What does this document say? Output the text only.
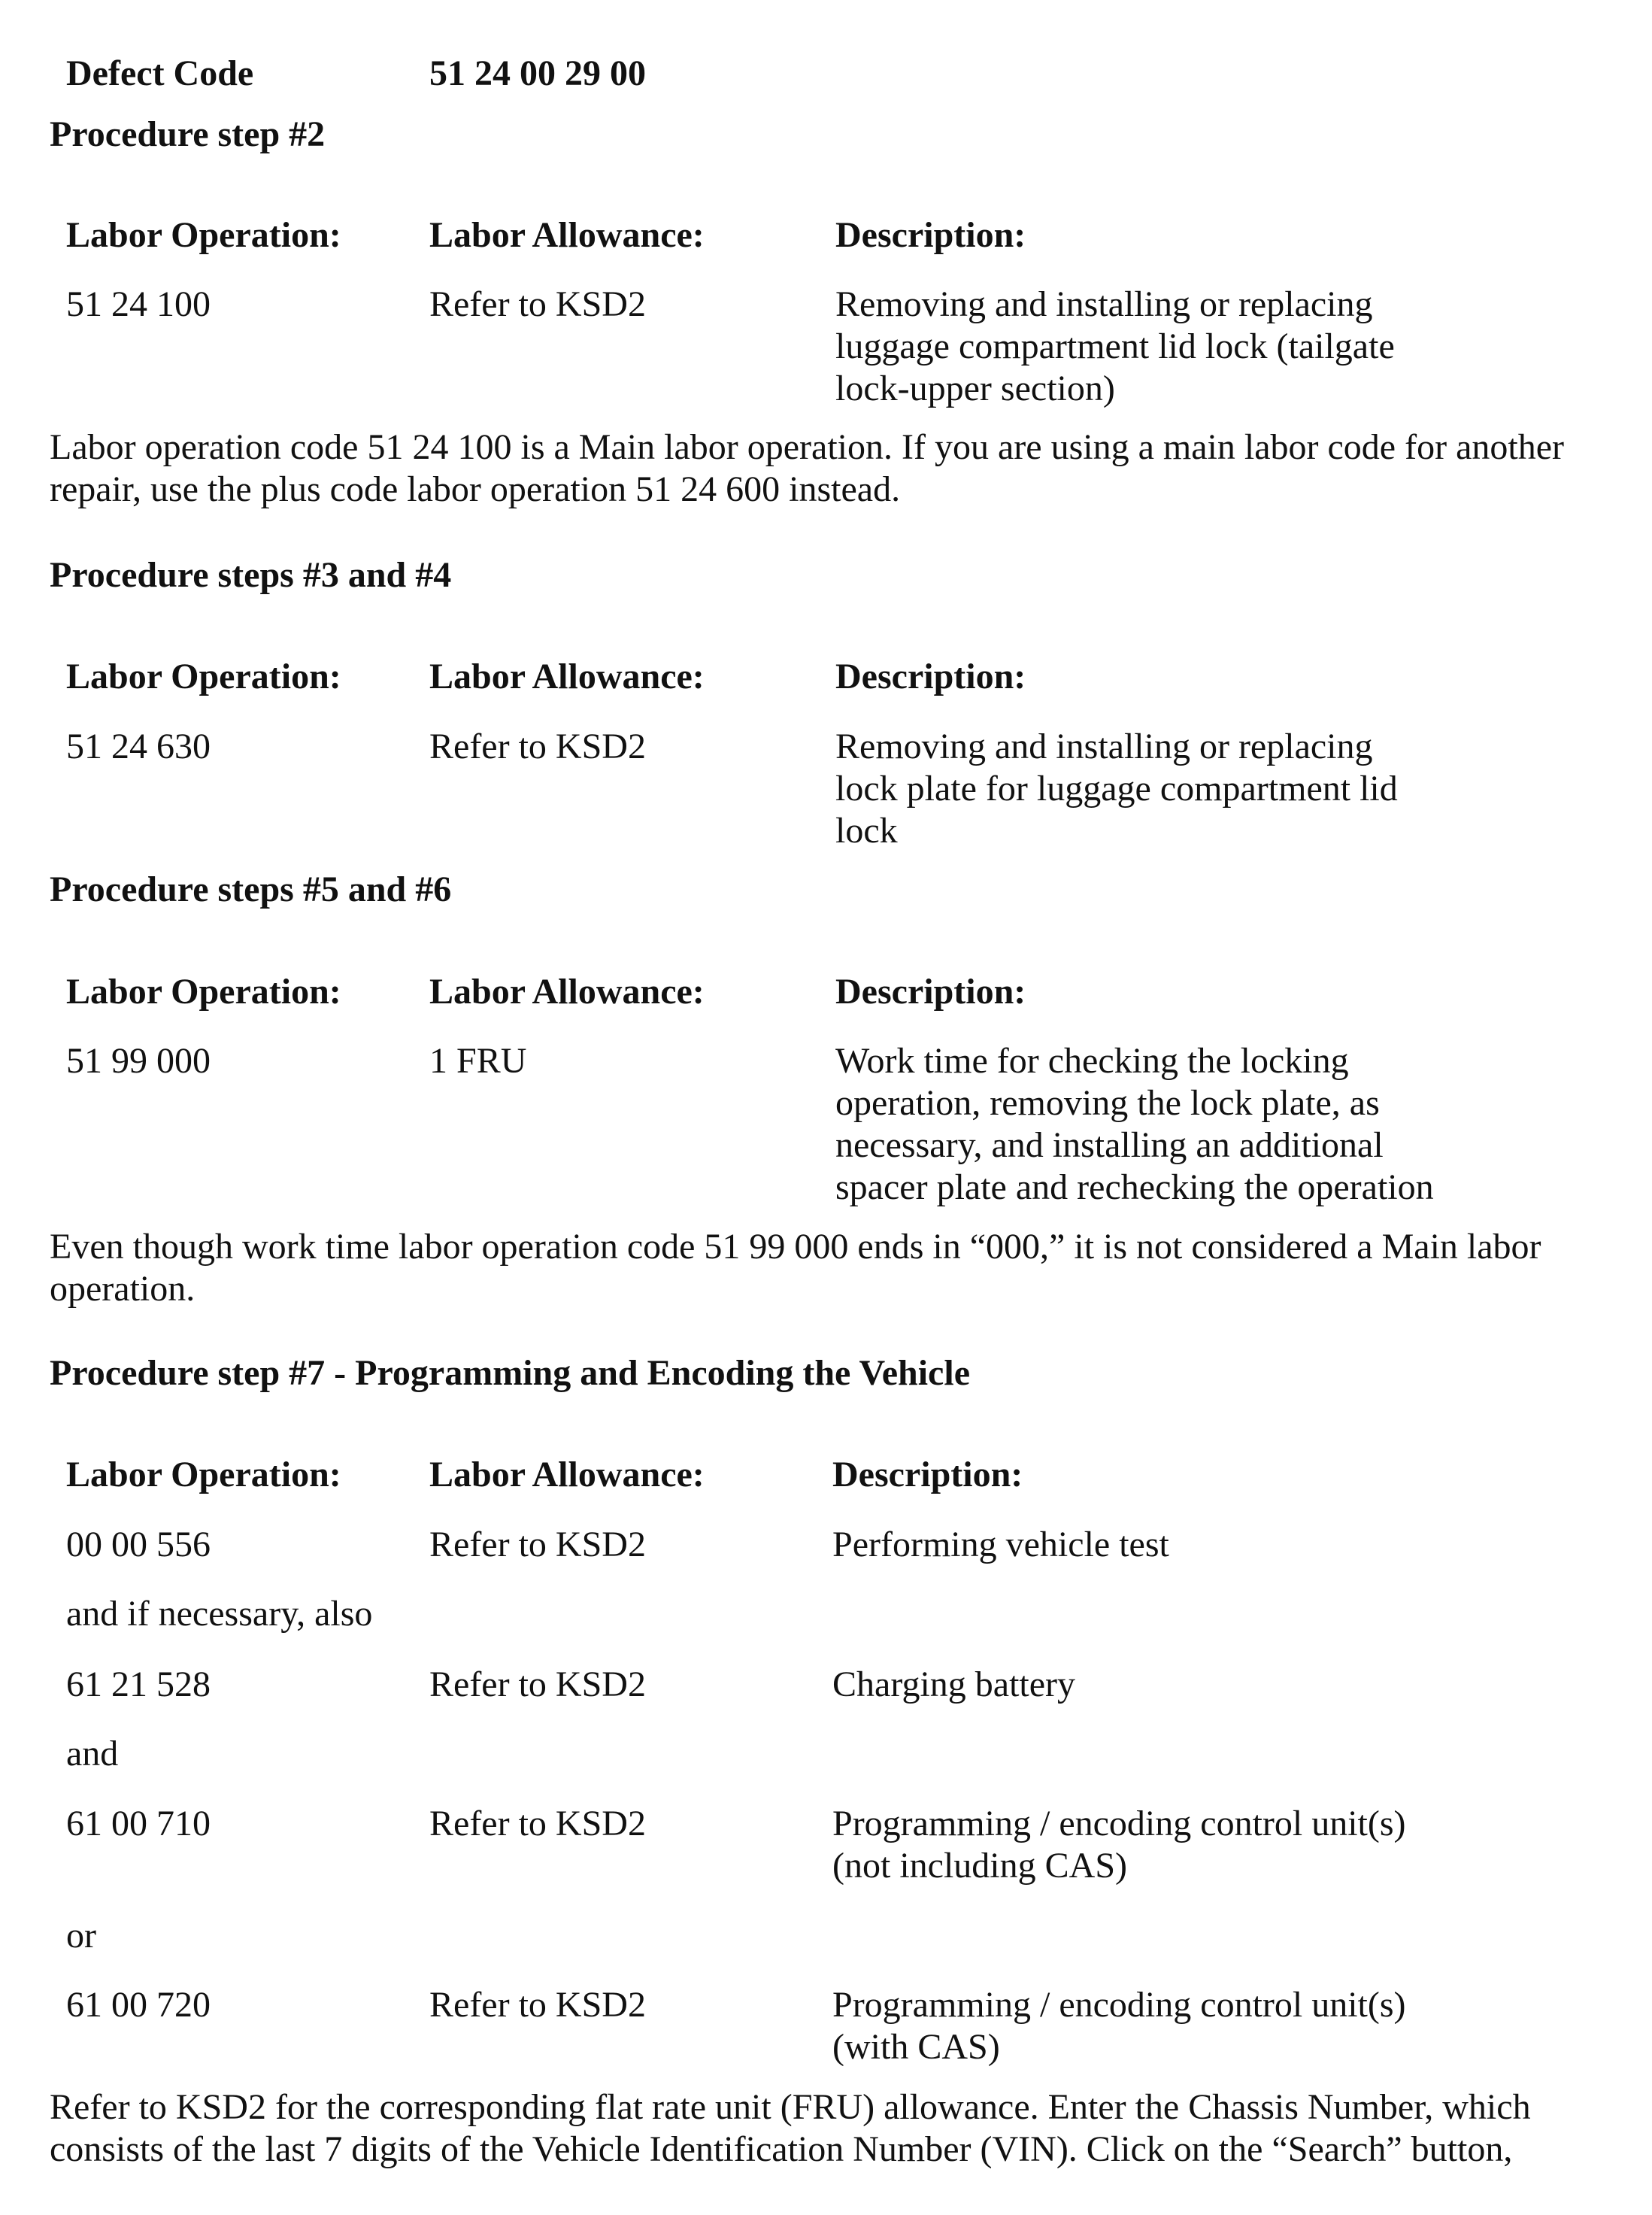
Defect Code	51 24 00 29 00
Procedure step #2
Labor Operation: Labor Allowance:	Description:
51 24 100	Refer to KSD2	Removing and installing or replacing
luggage compartment lid lock (tailgate
lock-upper section)
Labor operation code 51 24 100 is a Main labor operation. If you are using a main labor code for another
repair, use the plus code labor operation 51 24 600 instead.
Procedure steps #3 and #4
Labor Operation: Labor Allowance:	Description:
51 24 630	Refer to KSD2	Removing and installing or replacing
lock plate for luggage compartment lid
lock
Procedure steps #5 and #6
Labor Operation: Labor Allowance:	Description:
51 99 000	1 FRU	Work time for checking the locking
operation, removing the lock plate, as
necessary, and installing an additional
spacer plate and rechecking the operation
Even though work time labor operation code 51 99 000 ends in “000,” it is not considered a Main labor
operation.
Procedure step #7 - Programming and Encoding the Vehicle
Labor Operation: Labor Allowance:	Description:
00 00 556	Refer to KSD2	Performing vehicle test
and if necessary, also
61 21 528	Refer to KSD2	Charging battery
and
61 00 710	Refer to KSD2	Programming / encoding control unit(s)
(not including CAS)
or
61 00 720	Refer to KSD2	Programming / encoding control unit(s)
(with CAS)
Refer to KSD2 for the corresponding flat rate unit (FRU) allowance. Enter the Chassis Number, which
consists of the last 7 digits of the Vehicle Identification Number (VIN). Click on the “Search” button,
